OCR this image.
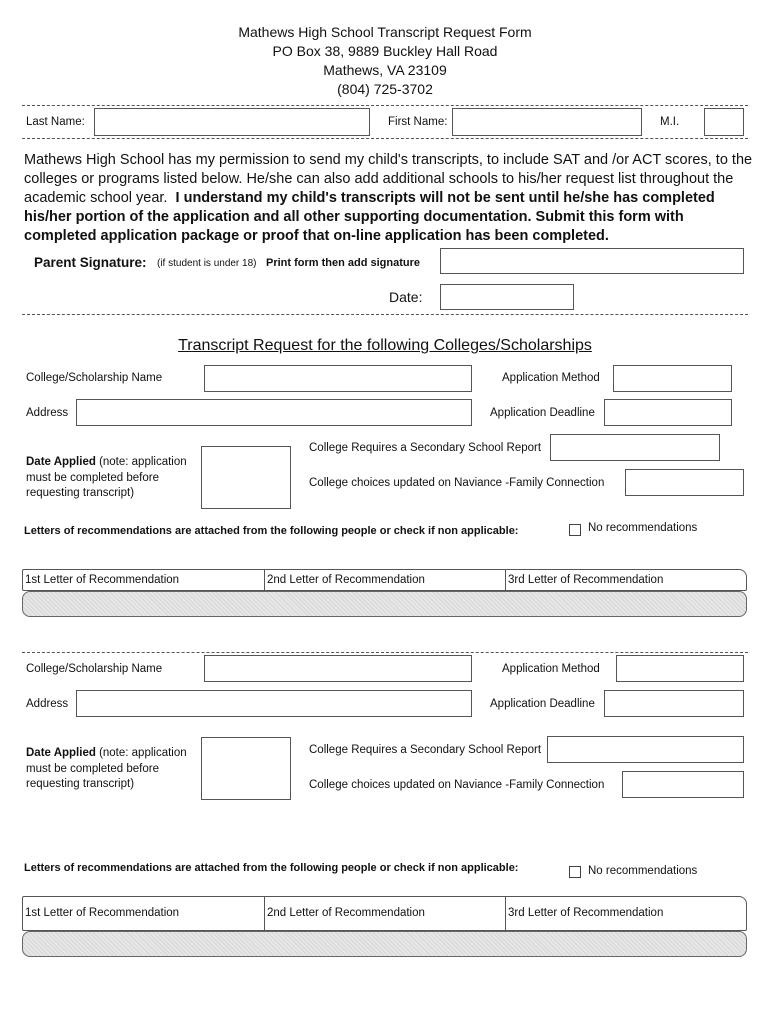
Mathews High School Transcript Request Form
PO Box 38, 9889 Buckley Hall Road
Mathews, VA 23109
(804) 725-3702
Last Name:	First Name:	M.I.
Mathews High School has my permission to send my child's transcripts, to include SAT and /or ACT scores, to the colleges or programs listed below. He/she can also add additional schools to his/her request list throughout the academic school year. I understand my child's transcripts will not be sent until he/she has completed his/her portion of the application and all other supporting documentation. Submit this form with completed application package or proof that on-line application has been completed.
Parent Signature: (if student is under 18) Print form then add signature
Date:
Transcript Request for the following Colleges/Scholarships
College/Scholarship Name	Application Method
Address	Application Deadline
College Requires a Secondary School Report
Date Applied (note: application
must be completed before
requesting transcript)
College choices updated on Naviance -Family Connection
Letters of recommendations are attached from the following people or check if non applicable:	No recommendations
1st Letter of Recommendation	2nd Letter of Recommendation	3rd Letter of Recommendation
College/Scholarship Name	Application Method
Address	Application Deadline
College Requires a Secondary School Report
Date Applied (note: application
must be completed before
requesting transcript)	College choices updated on Naviance -Family Connection
Letters of recommendations are attached from the following people or check if non applicable:	No recommendations
1st Letter of Recommendation	2nd Letter of Recommendation	3rd Letter of Recommendation
